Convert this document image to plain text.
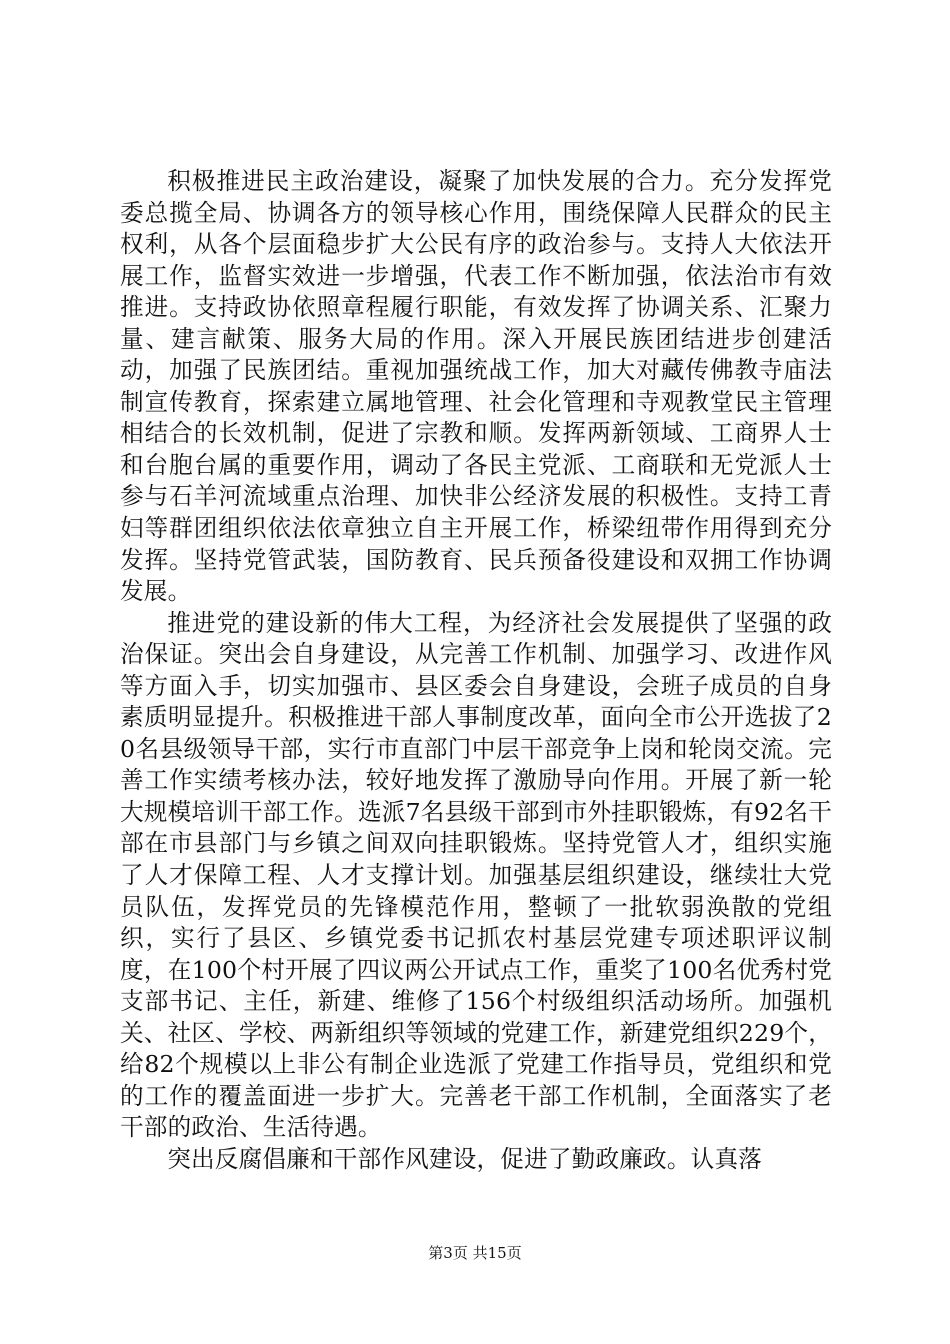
积极推进民主政治建设，凝聚了加快发展的合力。充分发挥党委总揽全局、协调各方的领导核心作用，围绕保障人民群众的民主权利，从各个层面稳步扩大公民有序的政治参与。支持人大依法开展工作，监督实效进一步增强，代表工作不断加强，依法治市有效推进。支持政协依照章程履行职能，有效发挥了协调关系、汇聚力量、建言献策、服务大局的作用。深入开展民族团结进步创建活动，加强了民族团结。重视加强统战工作，加大对藏传佛教寺庙法制宣传教育，探索建立属地管理、社会化管理和寺观教堂民主管理相结合的长效机制，促进了宗教和顺。发挥两新领域、工商界人士和台胞台属的重要作用，调动了各民主党派、工商联和无党派人士参与石羊河流域重点治理、加快非公经济发展的积极性。支持工青妇等群团组织依法依章独立自主开展工作，桥梁纽带作用得到充分发挥。坚持党管武装，国防教育、民兵预备役建设和双拥工作协调发展。

推进党的建设新的伟大工程，为经济社会发展提供了坚强的政治保证。突出会自身建设，从完善工作机制、加强学习、改进作风等方面入手，切实加强市、县区委会自身建设，会班子成员的自身素质明显提升。积极推进干部人事制度改革，面向全市公开选拔了20名县级领导干部，实行市直部门中层干部竞争上岗和轮岗交流。完善工作实绩考核办法，较好地发挥了激励导向作用。开展了新一轮大规模培训干部工作。选派7名县级干部到市外挂职锻炼，有92名干部在市县部门与乡镇之间双向挂职锻炼。坚持党管人才，组织实施了人才保障工程、人才支撑计划。加强基层组织建设，继续壮大党员队伍，发挥党员的先锋模范作用，整顿了一批软弱涣散的党组织，实行了县区、乡镇党委书记抓农村基层党建专项述职评议制度，在100个村开展了四议两公开试点工作，重奖了100名优秀村党支部书记、主任，新建、维修了156个村级组织活动场所。加强机关、社区、学校、两新组织等领域的党建工作，新建党组织229个，给82个规模以上非公有制企业选派了党建工作指导员，党组织和党的工作的覆盖面进一步扩大。完善老干部工作机制，全面落实了老干部的政治、生活待遇。

突出反腐倡廉和干部作风建设，促进了勤政廉政。认真落

第3页 共15页
